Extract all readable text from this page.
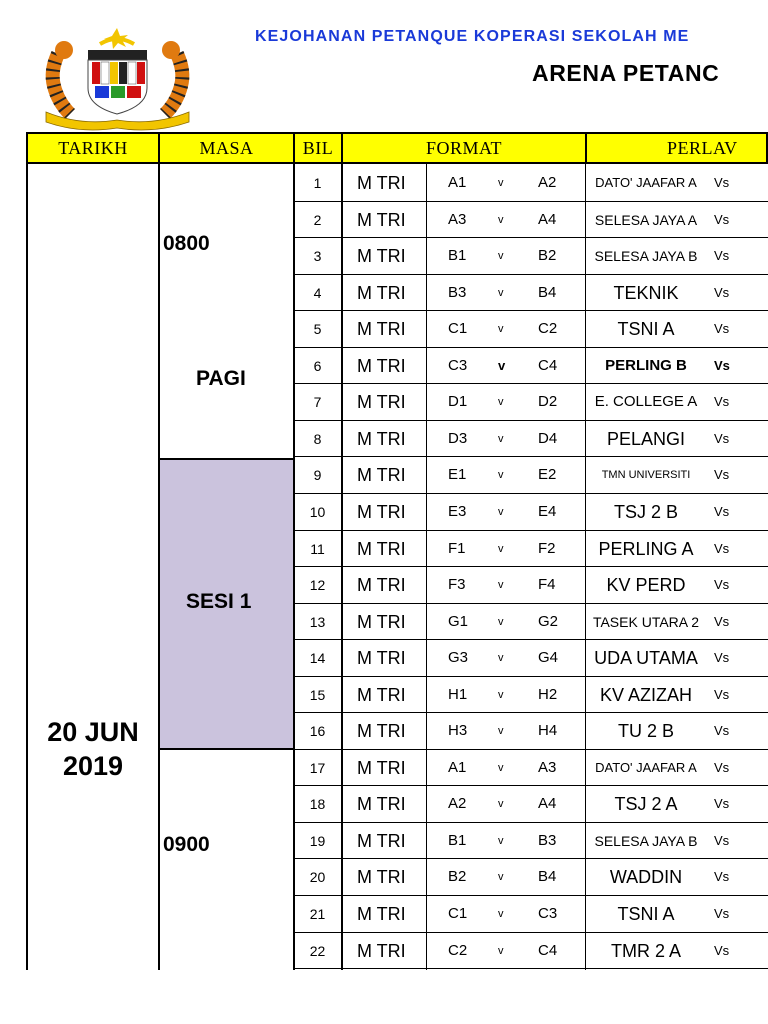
KEJOHANAN PETANQUE KOPERASI SEKOLAH ME
ARENA PETANC
TARIKH	MASA	BIL	FORMAT	PERLAV
0800
PAGI
SESI 1
0900
20 JUN
2019
1	M TRI	A1	v A2	DATO' JAAFAR A	Vs
2	M TRI	A3	v A4	SELESA JAYA A	Vs
3	M TRI	B1	v B2	SELESA JAYA B	Vs
4	M TRI	B3	v B4	TEKNIK	Vs
5	M TRI	C1	v C2	TSNI A	Vs
6	M TRI	C3 v C4	PERLING B	Vs
7	M TRI	D1	v D2	E. COLLEGE A	Vs
8	M TRI	D3	v D4	PELANGI	Vs
9	M TRI	E1	v E2	TMN UNIVERSITI	Vs
10	M TRI	E3	v E4	TSJ 2 B	Vs
11	M TRI	F1	v F2	PERLING A	Vs
12	M TRI	F3	v F4	KV PERD	Vs
13	M TRI	G1	v G2	TASEK UTARA 2	Vs
14	M TRI	G3	v G4	UDA UTAMA	Vs
15	M TRI	H1	v H2	KV AZIZAH	Vs
16	M TRI	H3	v H4	TU 2 B	Vs
17	M TRI	A1	v A3	DATO' JAAFAR A	Vs
18	M TRI	A2	v A4	TSJ 2 A	Vs
19	M TRI	B1	v B3	SELESA JAYA B	Vs
20	M TRI	B2	v B4	WADDIN	Vs
21	M TRI	C1	v C3	TSNI A	Vs
22	M TRI	C2	v C4	TMR 2 A	Vs
